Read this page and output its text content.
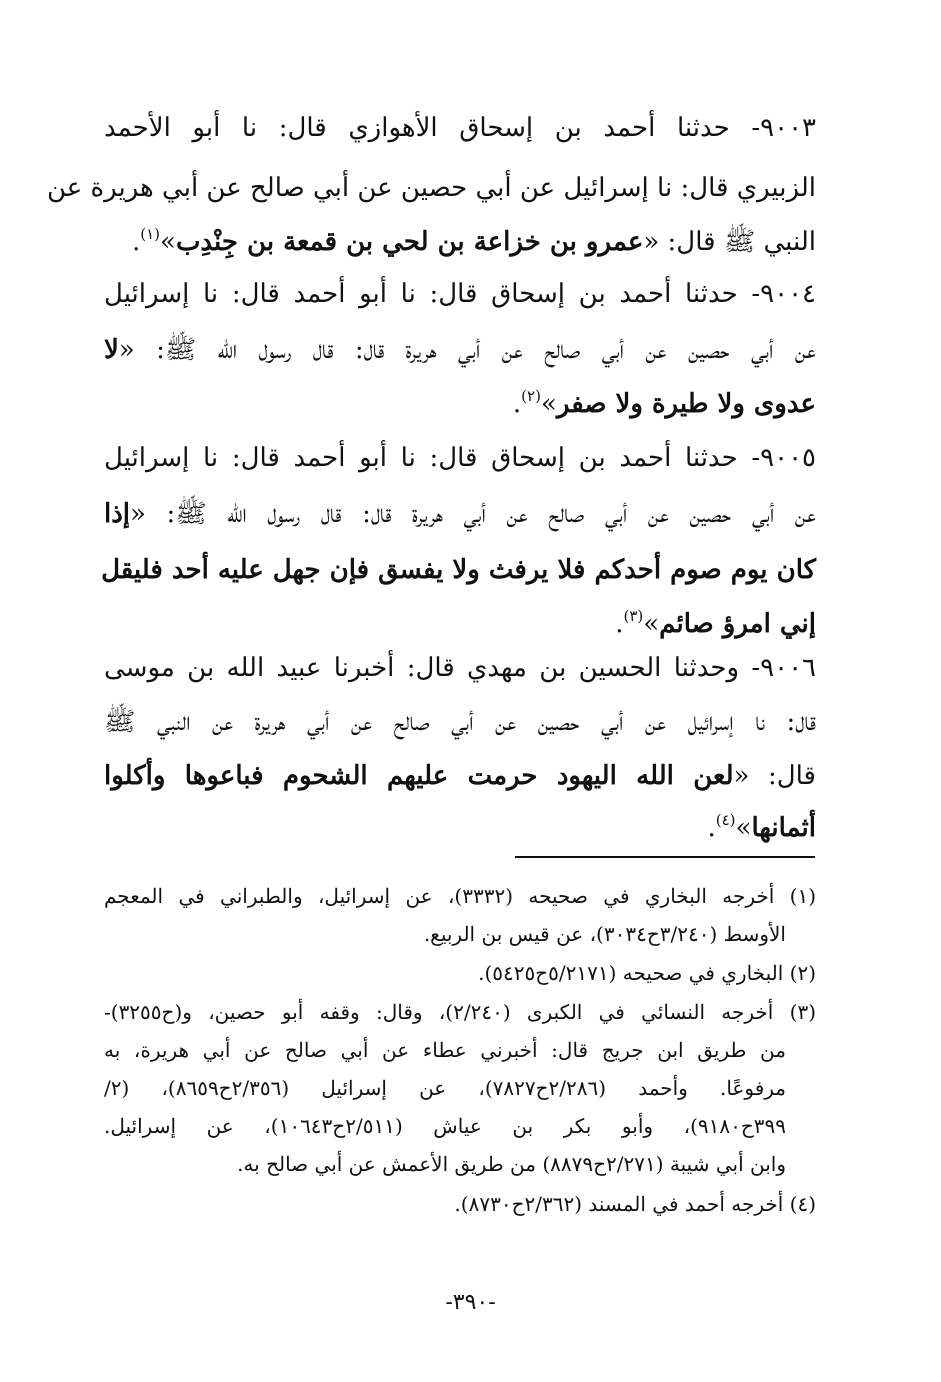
٩٠٠٣- حدثنا أحمد بن إسحاق الأهوازي قال: نا أبو الأحمد
الزبيري قال: نا إسرائيل عن أبي حصين عن أبي صالح عن أبي هريرة عن
النبي ﷺ قال: «عمرو بن خزاعة بن لحي بن قمعة بن جِنْدِب»$^{(١)}$.
٩٠٠٤- حدثنا أحمد بن إسحاق قال: نا أبو أحمد قال: نا إسرائيل
عن أبي حصين عن أبي صالح عن أبي هريرة قال: قال رسول الله ﷺ: «لا
عدوى ولا طيرة ولا صفر»$^{(٢)}$.
٩٠٠٥- حدثنا أحمد بن إسحاق قال: نا أبو أحمد قال: نا إسرائيل
عن أبي حصين عن أبي صالح عن أبي هريرة قال: قال رسول الله ﷺ: «إذا
كان يوم صوم أحدكم فلا يرفث ولا يفسق فإن جهل عليه أحد فليقل
إني امرؤ صائم»$^{(٣)}$.
٩٠٠٦- وحدثنا الحسين بن مهدي قال: أخبرنا عبيد الله بن موسى
قال: نا إسرائيل عن أبي حصين عن أبي صالح عن أبي هريرة عن النبي ﷺ
قال: «لعن الله اليهود حرمت عليهم الشحوم فباعوها وأكلوا
أثمانها»$^{(٤)}$.
(١) أخرجه البخاري في صحيحه (٣٣٣٢)، عن إسرائيل، والطبراني في المعجم
الأوسط (٣/٢٤٠ح٣٠٣٤)، عن قيس بن الربيع.
(٢) البخاري في صحيحه (٥/٢١٧١ح٥٤٢٥).
(٣) أخرجه النسائي في الكبرى (٢/٢٤٠)، وقال: وقفه أبو حصين، و(ح٣٢٥٥)-
من طريق ابن جريج قال: أخبرني عطاء عن أبي صالح عن أبي هريرة، به
مرفوعًا. وأحمد (٢/٢٨٦ح٧٨٢٧)، عن إسرائيل (٢/٣٥٦ح٨٦٥٩)، (٢/
٣٩٩ح٩١٨٠)، وأبو بكر بن عياش (٢/٥١١ح١٠٦٤٣)، عن إسرائيل.
وابن أبي شيبة (٢/٢٧١ح٨٨٧٩) من طريق الأعمش عن أبي صالح به.
(٤) أخرجه أحمد في المسند (٢/٣٦٢ح٨٧٣٠).
-٣٩٠-
